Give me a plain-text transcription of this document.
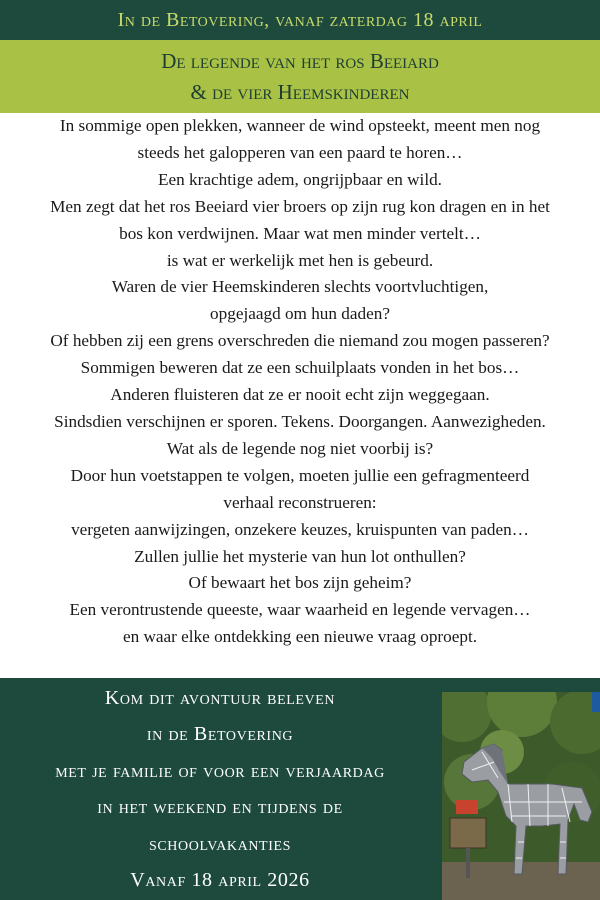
In de Betovering, vanaf zaterdag 18 april
De legende van het ros Beeiard
& de vier Heemskinderen
In sommige open plekken, wanneer de wind opsteekt, meent men nog
steeds het galopperen van een paard te horen…
Een krachtige adem, ongrijpbaar en wild.
Men zegt dat het ros Beeiard vier broers op zijn rug kon dragen en in het
bos kon verdwijnen. Maar wat men minder vertelt…
is wat er werkelijk met hen is gebeurd.
Waren de vier Heemskinderen slechts voortvluchtigen,
opgejaagd om hun daden?
Of hebben zij een grens overschreden die niemand zou mogen passeren?
Sommigen beweren dat ze een schuilplaats vonden in het bos…
Anderen fluisteren dat ze er nooit echt zijn weggegaan.
Sindsdien verschijnen er sporen. Tekens. Doorgangen. Aanwezigheden.
Wat als de legende nog niet voorbij is?
Door hun voetstappen te volgen, moeten jullie een gefragmenteerd
verhaal reconstrueren:
vergeten aanwijzingen, onzekere keuzes, kruispunten van paden…
Zullen jullie het mysterie van hun lot onthullen?
Of bewaart het bos zijn geheim?
Een verontrustende queeste, waar waarheid en legende vervagen…
en waar elke ontdekking een nieuwe vraag oproept.
Kom dit avontuur beleven
in de Betovering
met je familie of voor een verjaardag
in het weekend en tijdens de
schoolvakanties
Vanaf 18 april 2026
